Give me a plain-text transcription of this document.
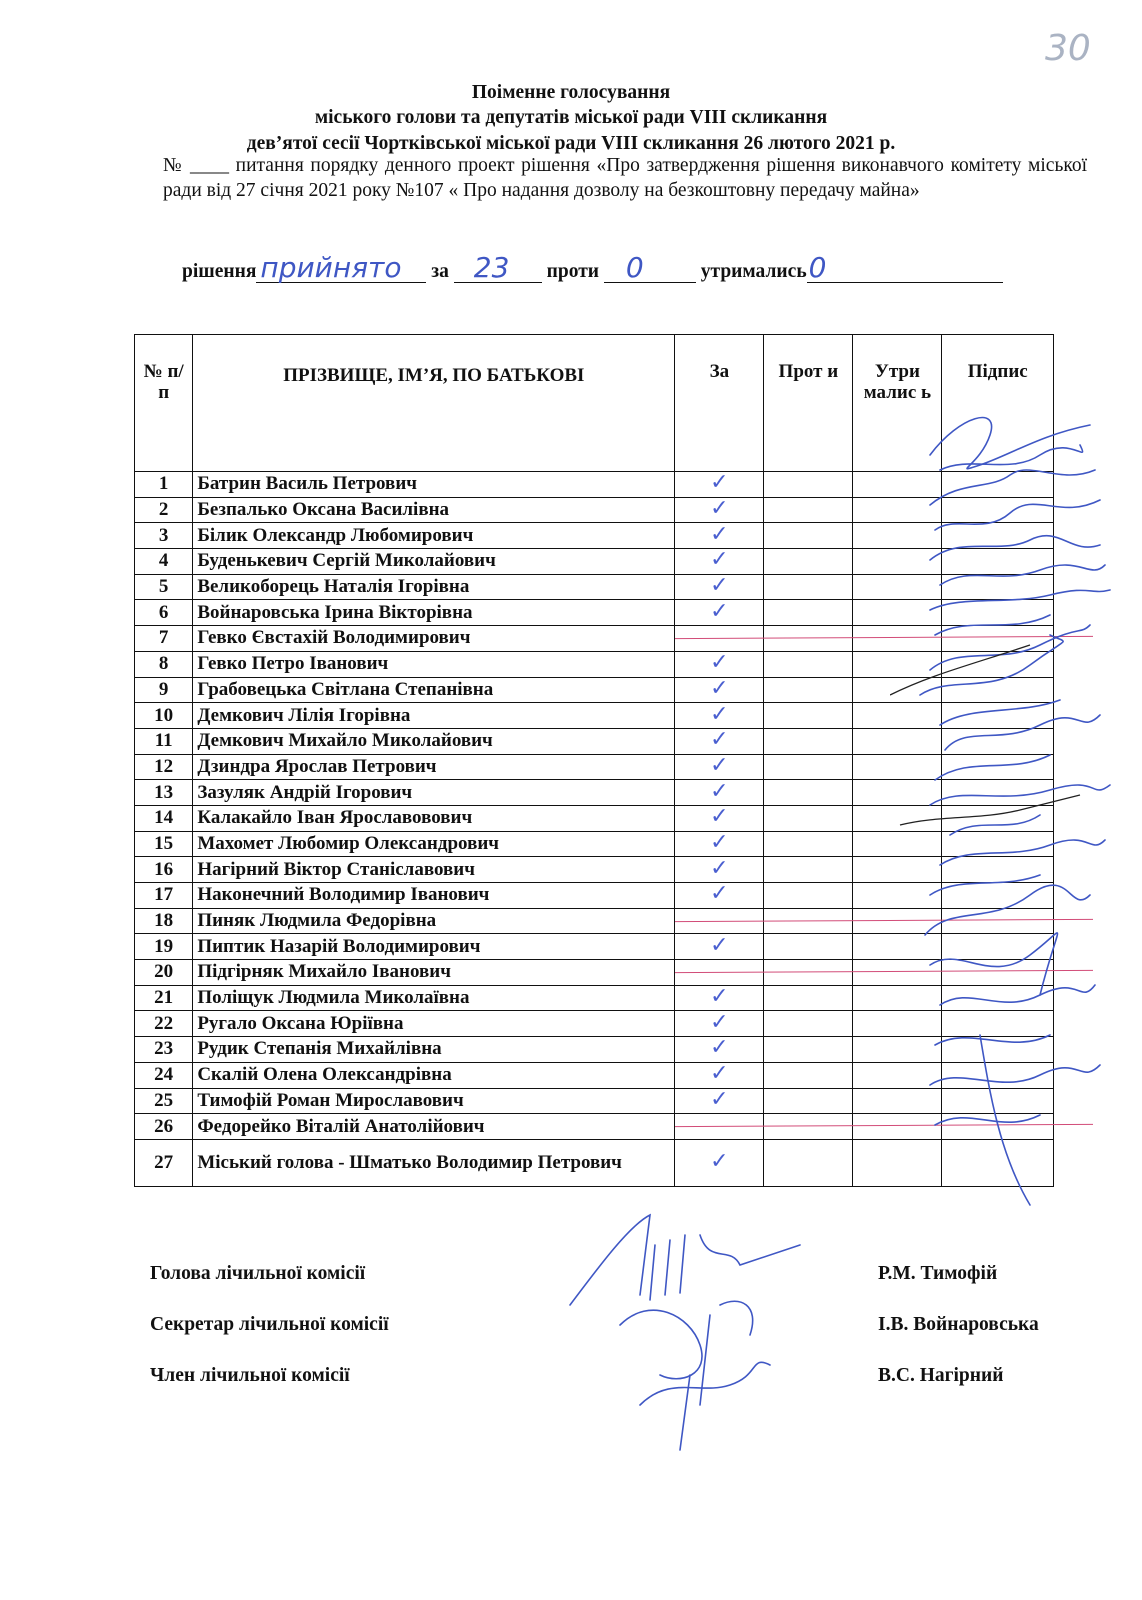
30
Поіменне голосування
міського голови та депутатів міської ради VIII скликання
дев’ятої сесії Чортківської міської ради VIII скликання 26 лютого 2021 р.
№ ____ питання порядку денного проект рішення «Про затвердження рішення виконавчого комітету міської ради від 27 січня 2021 року №107 « Про надання дозволу на безкоштовну передачу майна»
рішення прийнято за 23 проти 0	утримались 0
№ п/п	ПРІЗВИЩЕ, ІМ’Я, ПО БАТЬКОВІ	За	Прот и	Утри малис ь	Підпис
1	Батрин Василь Петрович	✓			
2	Безпалько Оксана Василівна	✓			
3	Білик Олександр Любомирович	✓			
4	Буденькевич Сергій Миколайович	✓			
5	Великоборець Наталія Ігорівна	✓			
6	Войнаровська Ірина Вікторівна	✓			
7	Гевко Євстахій Володимирович	

8	Гевко Петро Іванович	✓			
9	Грабовецька Світлана Степанівна	✓			
10	Демкович Лілія Ігорівна	✓			
11	Демкович Михайло Миколайович	✓			
12	Дзиндра Ярослав Петрович	✓			
13	Зазуляк Андрій Ігорович	✓			
14	Калакайло Іван Ярославовович	✓			
15	Махомет Любомир Олександрович	✓			
16	Нагірний Віктор Станіславович	✓			
17	Наконечний Володимир Іванович	✓			
18	Пиняк Людмила Федорівна	

19	Пиптик Назарій Володимирович	✓			
20	Підгірняк Михайло Іванович	

21	Поліщук Людмила Миколаївна	✓			
22	Ругало Оксана Юріївна	✓			
23	Рудик Степанія Михайлівна	✓			
24	Скалій Олена Олександрівна	✓			
25	Тимофій Роман Мирославович	✓			
26	Федорейко Віталій Анатолійович	

27	Міський голова - Шматько Володимир Петрович	✓			
Голова лічильної комісії	Р.М. Тимофій
Секретар лічильної комісії	І.В. Войнаровська
Член лічильної комісії	В.С. Нагірний
